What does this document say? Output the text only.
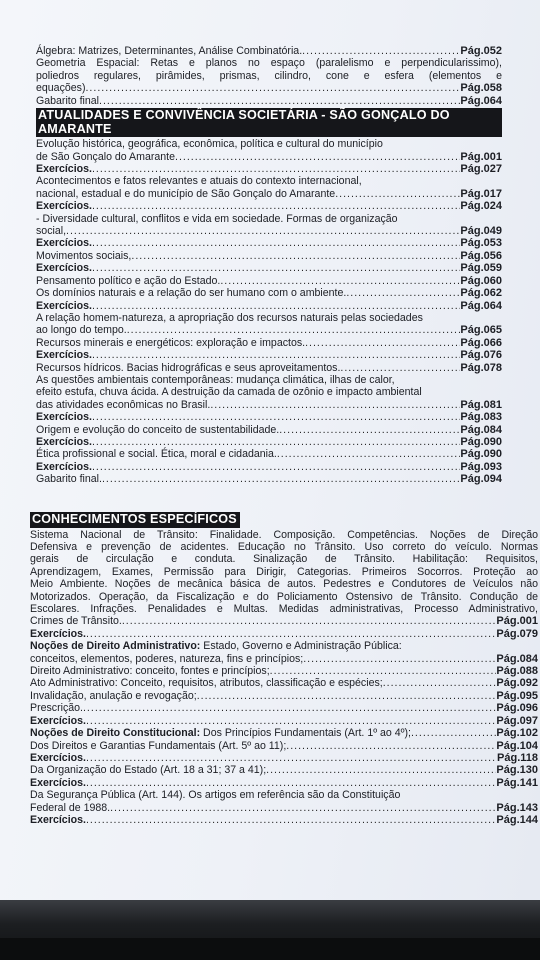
Álgebra: Matrizes, Determinantes, Análise Combinatória. .....	Pág.052
Geometria Espacial: Retas e planos no espaço (paralelismo e perpendicularissimo),
poliedros regulares, pirâmides, prismas, cilindro, cone e esfera (elementos e
equações) .....	Pág.058
Gabarito final .....	Pág.064
ATUALIDADES E CONVIVÊNCIA SOCIETÁRIA - SÃO GONÇALO DO AMARANTE
Evolução histórica, geográfica, econômica, política e cultural do município
de São Gonçalo do Amarante .....	Pág.001
Exercícios. .....	Pág.027
Acontecimentos e fatos relevantes e atuais do contexto internacional,
nacional, estadual e do município de São Gonçalo do Amarante .....	Pág.017
Exercícios. .....	Pág.024
- Diversidade cultural, conflitos e vida em sociedade. Formas de organização
social, .....	Pág.049
Exercícios. .....	Pág.053
Movimentos sociais, .....	Pág.056
Exercícios. .....	Pág.059
Pensamento político e ação do Estado. .....	Pág.060
Os domínios naturais e a relação do ser humano com o ambiente. .....	Pág.062
Exercícios. .....	Pág.064
A relação homem-natureza, a apropriação dos recursos naturais pelas sociedades
ao longo do tempo. .....	Pág.065
Recursos minerais e energéticos: exploração e impactos. .....	Pág.066
Exercícios. .....	Pág.076
Recursos hídricos. Bacias hidrográficas e seus aproveitamentos. .....	Pág.078
As questões ambientais contemporâneas: mudança climática, ilhas de calor,
efeito estufa, chuva ácida. A destruição da camada de ozônio e impacto ambiental
das atividades econômicas no Brasil. .....	Pág.081
Exercícios. .....	Pág.083
Origem e evolução do conceito de sustentabilidade. .....	Pág.084
Exercícios. .....	Pág.090
Ética profissional e social. Ética, moral e cidadania. .....	Pág.090
Exercícios. .....	Pág.093
Gabarito final. .....	Pág.094
CONHECIMENTOS ESPECÍFICOS
Sistema Nacional de Trânsito: Finalidade. Composição. Competências. Noções de Direção
Defensiva e prevenção de acidentes. Educação no Trânsito. Uso correto do veículo. Normas
gerais de circulação e conduta. Sinalização de Trânsito. Habilitação: Requisitos,
Aprendizagem, Exames, Permissão para Dirigir, Categorias. Primeiros Socorros. Proteção ao
Meio Ambiente. Noções de mecânica básica de autos. Pedestres e Condutores de Veículos não
Motorizados. Operação, da Fiscalização e do Policiamento Ostensivo de Trânsito. Condução de
Escolares. Infrações. Penalidades e Multas. Medidas administrativas, Processo Administrativo,
Crimes de Trânsito. .....	Pág.001
Exercícios. .....	Pág.079
Noções de Direito Administrativo: Estado, Governo e Administração Pública:
conceitos, elementos, poderes, natureza, fins e princípios; .....	Pág.084
Direito Administrativo: conceito, fontes e princípios; .....	Pág.088
Ato Administrativo: Conceito, requisitos, atributos, classificação e espécies; .....	Pág.092
Invalidação, anulação e revogação; .....	Pág.095
Prescrição. .....	Pág.096
Exercícios. .....	Pág.097
Noções de Direito Constitucional: Dos Princípios Fundamentais (Art. 1º ao 4º); .....	Pág.102
Dos Direitos e Garantias Fundamentais (Art. 5º ao 11); .....	Pág.104
Exercícios. .....	Pág.118
Da Organização do Estado (Art. 18 a 31; 37 a 41); .....	Pág.130
Exercícios. .....	Pág.141
Da Segurança Pública (Art. 144). Os artigos em referência são da Constituição
Federal de 1988. .....	Pág.143
Exercícios. .....	Pág.144
